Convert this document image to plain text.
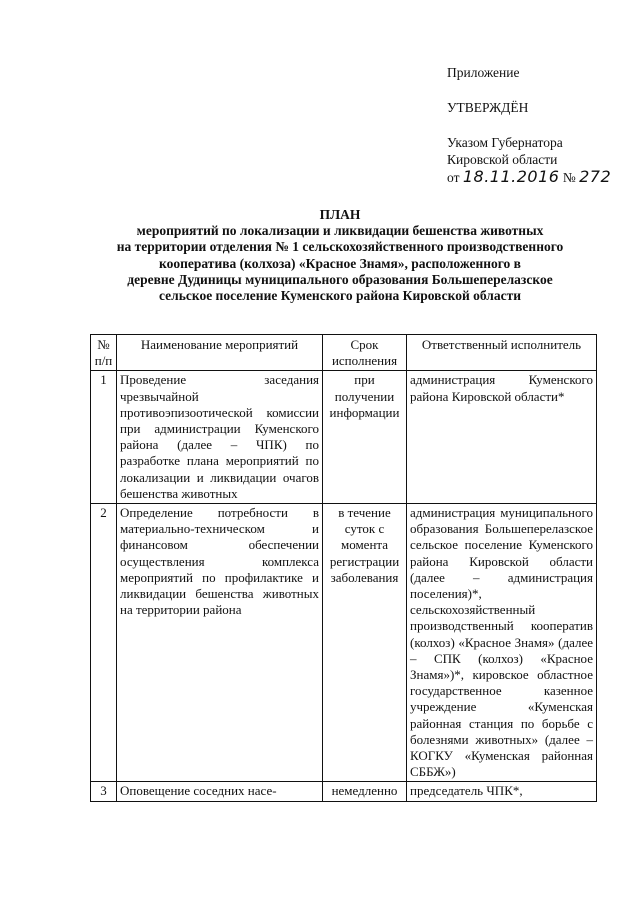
Приложение
УТВЕРЖДЁН
Указом Губернатора
Кировской области
от 18.11.2016 № 272
ПЛАН
мероприятий по локализации и ликвидации бешенства животных
на территории отделения № 1 сельскохозяйственного производственного
кооператива (колхоза) «Красное Знамя», расположенного в
деревне Дудиницы муниципального образования Большеперелазское
сельское поселение Куменского района Кировской области
№ п/п	Наименование мероприятий	Срок исполнения	Ответственный исполнитель
1	Проведение заседания чрезвычайной противоэпизоотической комиссии при администрации Куменского района (далее – ЧПК) по разработке плана мероприятий по локализации и ликвидации очагов бешенства животных	при получении информации	администрация Куменского района Кировской области*
2	Определение потребности в материально-техническом и финансовом обеспечении осуществления комплекса мероприятий по профилактике и ликвидации бешенства животных на территории района	в течение суток с момента регистрации заболевания	администрация муниципального образования Большеперелазское сельское поселение Куменского района Кировской области (далее – администрация поселения)*, сельскохозяйственный производственный кооператив (колхоз) «Красное Знамя» (далее – СПК (колхоз) «Красное Знамя»)*, кировское областное государственное казенное учреждение «Куменская районная станция по борьбе с болезнями животных» (далее – КОГКУ «Куменская районная СББЖ»)
3	Оповещение соседних насе-	немедленно	председатель ЧПК*,
